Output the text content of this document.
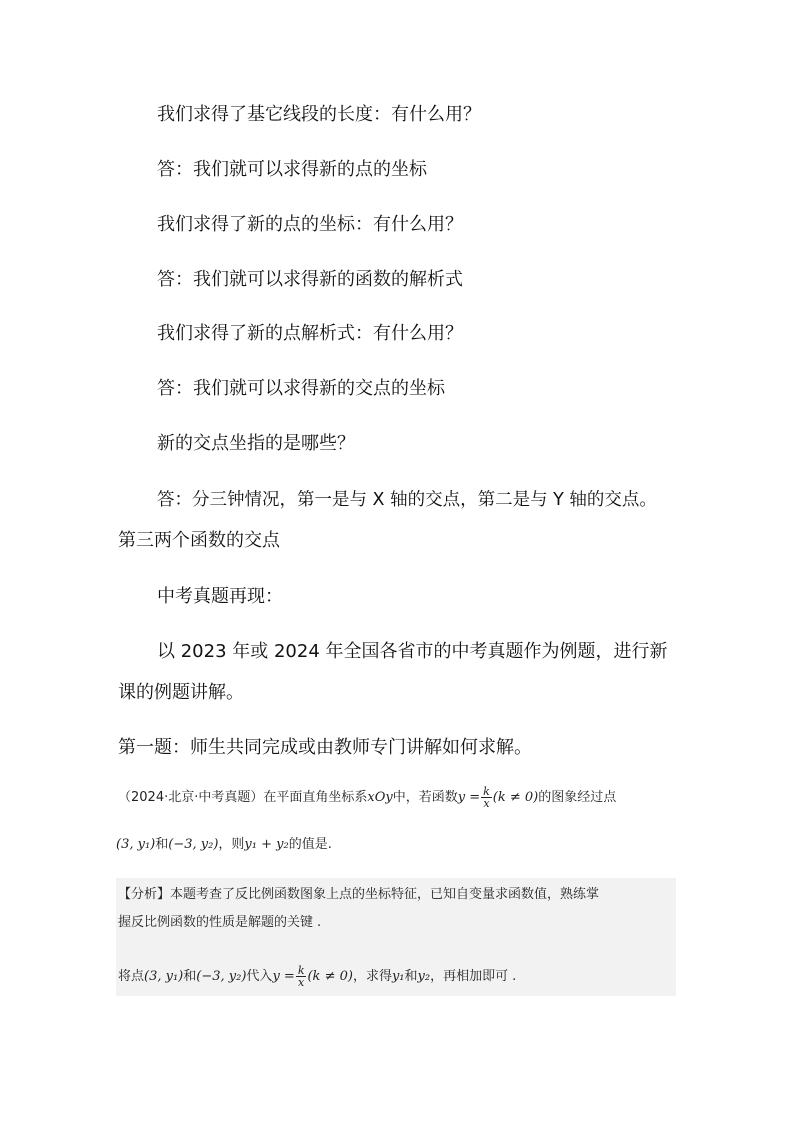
我们求得了基它线段的长度：有什么用？
答：我们就可以求得新的点的坐标
我们求得了新的点的坐标：有什么用？
答：我们就可以求得新的函数的解析式
我们求得了新的点解析式：有什么用？
答：我们就可以求得新的交点的坐标
新的交点坐指的是哪些？
答：分三钟情况，第一是与 X 轴的交点，第二是与 Y 轴的交点。
第三两个函数的交点
中考真题再现：
以 2023 年或 2024 年全国各省市的中考真题作为例题，进行新
课的例题讲解。
第一题：师生共同完成或由教师专门讲解如何求解。
（2024·北京·中考真题）在平面直角坐标系xOy中，若函数$y = \frac{k}{x} (k \ne 0)$的图象经过点
(3, y₁)和(−3, y₂)，则y₁ + y₂的值是.
【分析】本题考查了反比例函数图象上点的坐标特征，已知自变量求函数值，熟练掌
握反比例函数的性质是解题的关键 .
将点(3, y₁)和(−3, y₂)代入$y = \frac{k}{x} (k \ne 0)$，求得y₁和y₂，再相加即可 .
